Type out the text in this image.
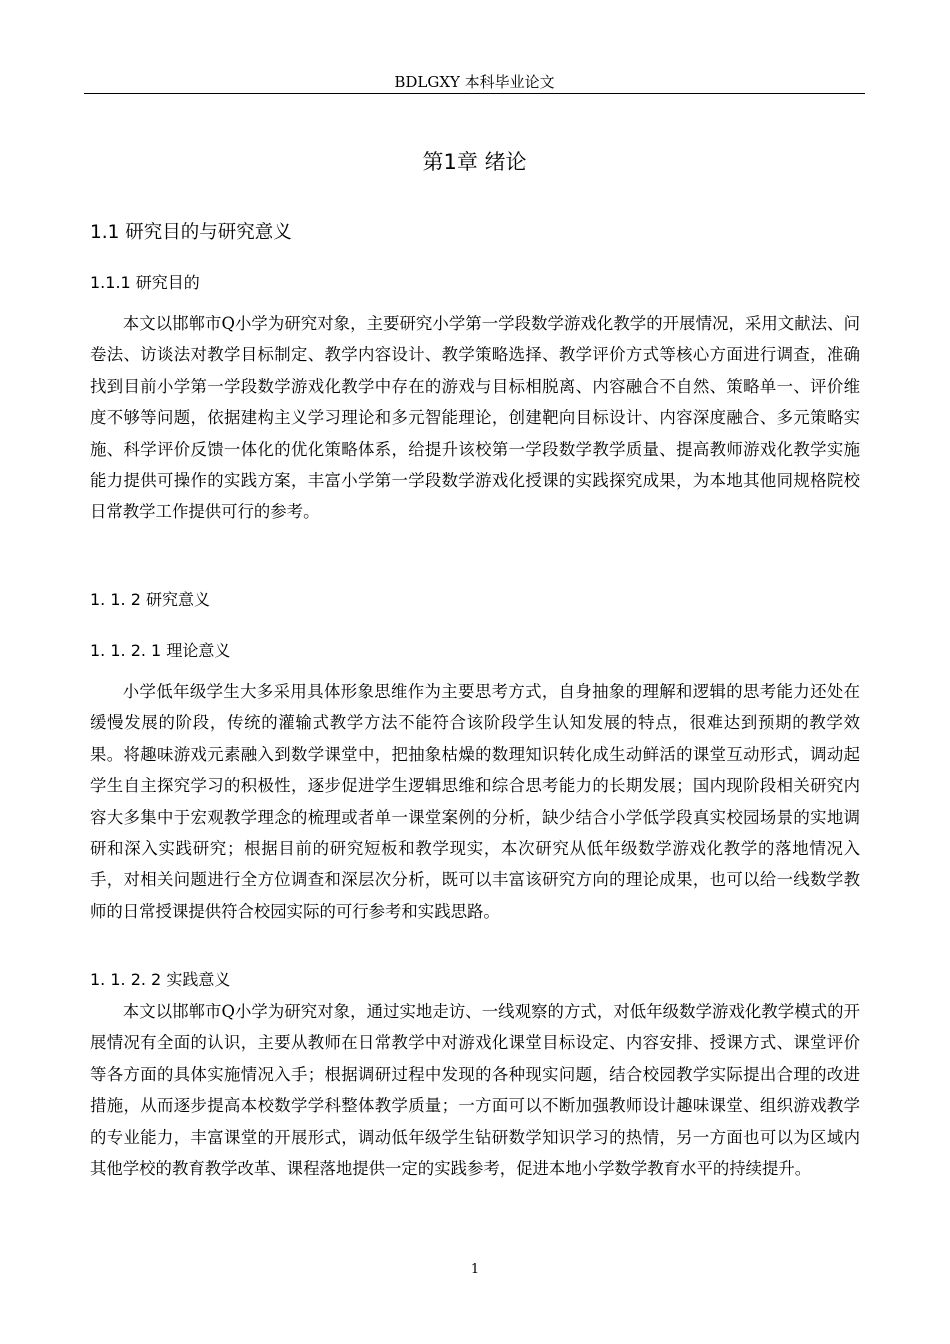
BDLGXY 本科毕业论文
第1章 绪论
1.1 研究目的与研究意义
1.1.1 研究目的

本文以邯郸市Q小学为研究对象，主要研究小学第一学段数学游戏化教学的开展情况，采用文献法、问卷法、访谈法对教学目标制定、教学内容设计、教学策略选择、教学评价方式等核心方面进行调查，准确找到目前小学第一学段数学游戏化教学中存在的游戏与目标相脱离、内容融合不自然、策略单一、评价维度不够等问题，依据建构主义学习理论和多元智能理论，创建靶向目标设计、内容深度融合、多元策略实施、科学评价反馈一体化的优化策略体系，给提升该校第一学段数学教学质量、提高教师游戏化教学实施能力提供可操作的实践方案，丰富小学第一学段数学游戏化授课的实践探究成果，为本地其他同规格院校日常教学工作提供可行的参考。

1. 1. 2 研究意义
1. 1. 2. 1 理论意义

小学低年级学生大多采用具体形象思维作为主要思考方式，自身抽象的理解和逻辑的思考能力还处在缓慢发展的阶段，传统的灌输式教学方法不能符合该阶段学生认知发展的特点，很难达到预期的教学效果。将趣味游戏元素融入到数学课堂中，把抽象枯燥的数理知识转化成生动鲜活的课堂互动形式，调动起学生自主探究学习的积极性，逐步促进学生逻辑思维和综合思考能力的长期发展；国内现阶段相关研究内容大多集中于宏观教学理念的梳理或者单一课堂案例的分析，缺少结合小学低学段真实校园场景的实地调研和深入实践研究；根据目前的研究短板和教学现实，本次研究从低年级数学游戏化教学的落地情况入手，对相关问题进行全方位调查和深层次分析，既可以丰富该研究方向的理论成果，也可以给一线数学教师的日常授课提供符合校园实际的可行参考和实践思路。

1. 1. 2. 2 实践意义

本文以邯郸市Q小学为研究对象，通过实地走访、一线观察的方式，对低年级数学游戏化教学模式的开展情况有全面的认识，主要从教师在日常教学中对游戏化课堂目标设定、内容安排、授课方式、课堂评价等各方面的具体实施情况入手；根据调研过程中发现的各种现实问题，结合校园教学实际提出合理的改进措施，从而逐步提高本校数学学科整体教学质量；一方面可以不断加强教师设计趣味课堂、组织游戏教学的专业能力，丰富课堂的开展形式，调动低年级学生钻研数学知识学习的热情，另一方面也可以为区域内其他学校的教育教学改革、课程落地提供一定的实践参考，促进本地小学数学教育水平的持续提升。

1
